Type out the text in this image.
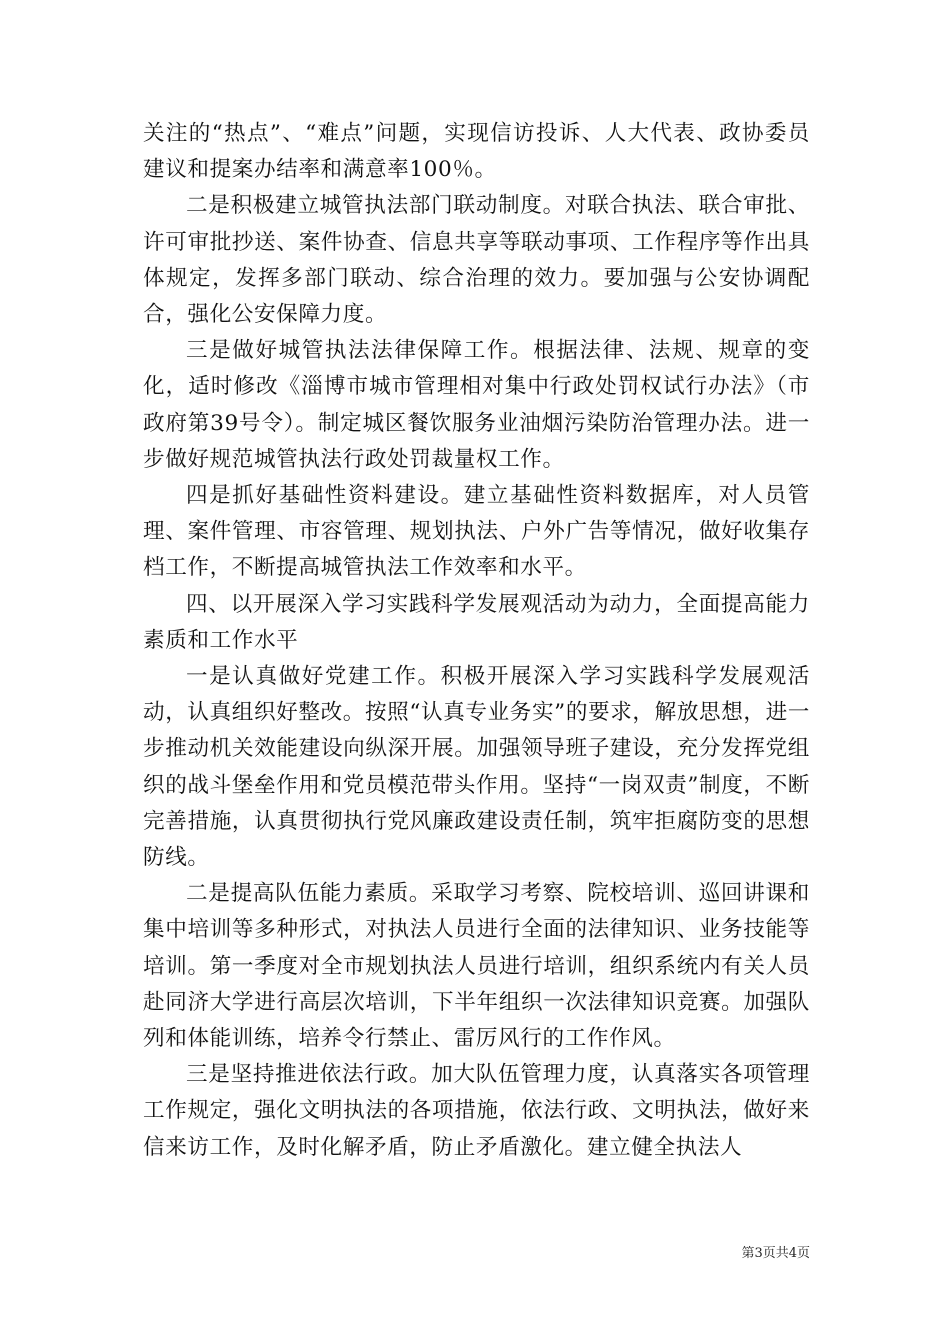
关注的“热点”、“难点”问题，实现信访投诉、人大代表、政协委员建议和提案办结率和满意率100％。

二是积极建立城管执法部门联动制度。对联合执法、联合审批、许可审批抄送、案件协查、信息共享等联动事项、工作程序等作出具体规定，发挥多部门联动、综合治理的效力。要加强与公安协调配合，强化公安保障力度。

三是做好城管执法法律保障工作。根据法律、法规、规章的变化，适时修改《淄博市城市管理相对集中行政处罚权试行办法》（市政府第39号令）。制定城区餐饮服务业油烟污染防治管理办法。进一步做好规范城管执法行政处罚裁量权工作。

四是抓好基础性资料建设。建立基础性资料数据库，对人员管理、案件管理、市容管理、规划执法、户外广告等情况，做好收集存档工作，不断提高城管执法工作效率和水平。

四、以开展深入学习实践科学发展观活动为动力，全面提高能力素质和工作水平

一是认真做好党建工作。积极开展深入学习实践科学发展观活动，认真组织好整改。按照“认真专业务实”的要求，解放思想，进一步推动机关效能建设向纵深开展。加强领导班子建设，充分发挥党组织的战斗堡垒作用和党员模范带头作用。坚持“一岗双责”制度，不断完善措施，认真贯彻执行党风廉政建设责任制，筑牢拒腐防变的思想防线。

二是提高队伍能力素质。采取学习考察、院校培训、巡回讲课和集中培训等多种形式，对执法人员进行全面的法律知识、业务技能等培训。第一季度对全市规划执法人员进行培训，组织系统内有关人员赴同济大学进行高层次培训，下半年组织一次法律知识竞赛。加强队列和体能训练，培养令行禁止、雷厉风行的工作作风。

三是坚持推进依法行政。加大队伍管理力度，认真落实各项管理工作规定，强化文明执法的各项措施，依法行政、文明执法，做好来信来访工作，及时化解矛盾，防止矛盾激化。建立健全执法人

第3页共4页
